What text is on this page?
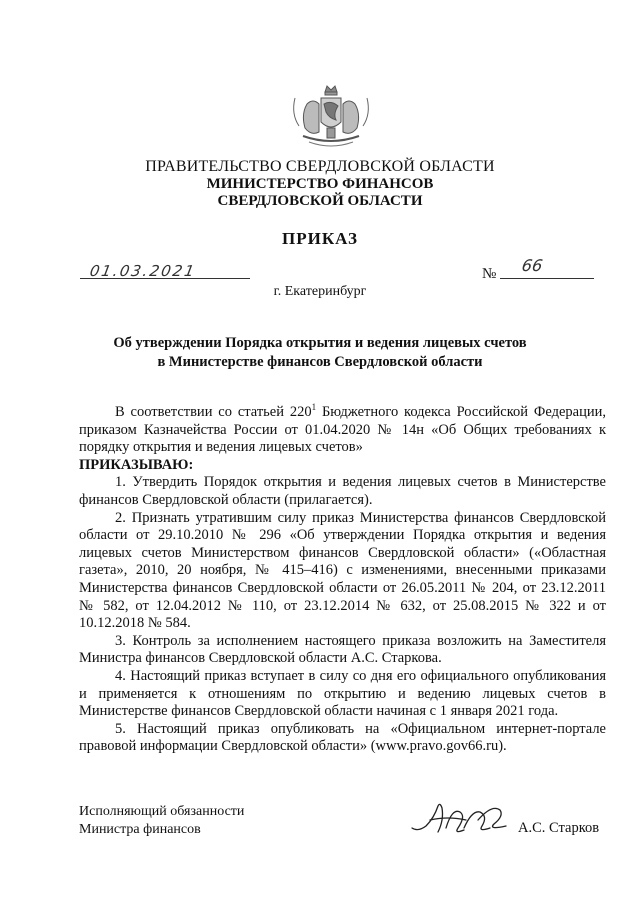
ПРАВИТЕЛЬСТВО СВЕРДЛОВСКОЙ ОБЛАСТИ
МИНИСТЕРСТВО ФИНАНСОВ
СВЕРДЛОВСКОЙ ОБЛАСТИ
ПРИКАЗ
01.03.2021	№ 66
г. Екатеринбург
Об утверждении Порядка открытия и ведения лицевых счетов
в Министерстве финансов Свердловской области

В соответствии со статьей $220^1$ Бюджетного кодекса Российской Федерации, приказом Казначейства России от 01.04.2020 № 14н «Об Общих требованиях к порядку открытия и ведения лицевых счетов»

ПРИКАЗЫВАЮ:

1. Утвердить Порядок открытия и ведения лицевых счетов в Министерстве финансов Свердловской области (прилагается).

2. Признать утратившим силу приказ Министерства финансов Свердловской области от 29.10.2010 № 296 «Об утверждении Порядка открытия и ведения лицевых счетов Министерством финансов Свердловской области» («Областная газета», 2010, 20 ноября, № 415–416) с изменениями, внесенными приказами Министерства финансов Свердловской области от 26.05.2011 № 204, от 23.12.2011 № 582, от 12.04.2012 № 110, от 23.12.2014 № 632, от 25.08.2015 № 322 и от 10.12.2018 № 584.

3. Контроль за исполнением настоящего приказа возложить на Заместителя Министра финансов Свердловской области А.С. Старкова.

4. Настоящий приказ вступает в силу со дня его официального опубликования и применяется к отношениям по открытию и ведению лицевых счетов в Министерстве финансов Свердловской области начиная с 1 января 2021 года.

5. Настоящий приказ опубликовать на «Официальном интернет-портале правовой информации Свердловской области» (www.pravo.gov66.ru).

Исполняющий обязанности
Министра финансов	А.С. Старков
